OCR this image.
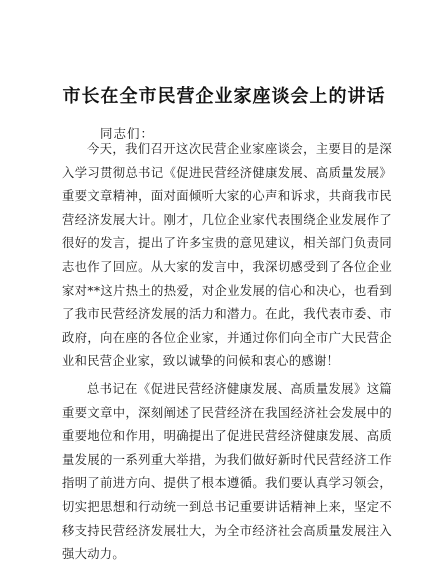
市长在全市民营企业家座谈会上的讲话
同志们：
今天，我们召开这次民营企业家座谈会，主要目的是深入学习贯彻总书记《促进民营经济健康发展、高质量发展》重要文章精神，面对面倾听大家的心声和诉求，共商我市民营经济发展大计。刚才，几位企业家代表围绕企业发展作了很好的发言，提出了许多宝贵的意见建议，相关部门负责同志也作了回应。从大家的发言中，我深切感受到了各位企业家对**这片热土的热爱，对企业发展的信心和决心，也看到了我市民营经济发展的活力和潜力。在此，我代表市委、市政府，向在座的各位企业家，并通过你们向全市广大民营企业和民营企业家，致以诚挚的问候和衷心的感谢！
总书记在《促进民营经济健康发展、高质量发展》这篇重要文章中，深刻阐述了民营经济在我国经济社会发展中的重要地位和作用，明确提出了促进民营经济健康发展、高质量发展的一系列重大举措，为我们做好新时代民营经济工作指明了前进方向、提供了根本遵循。我们要认真学习领会，切实把思想和行动统一到总书记重要讲话精神上来，坚定不移支持民营经济发展壮大，为全市经济社会高质量发展注入强大动力。
